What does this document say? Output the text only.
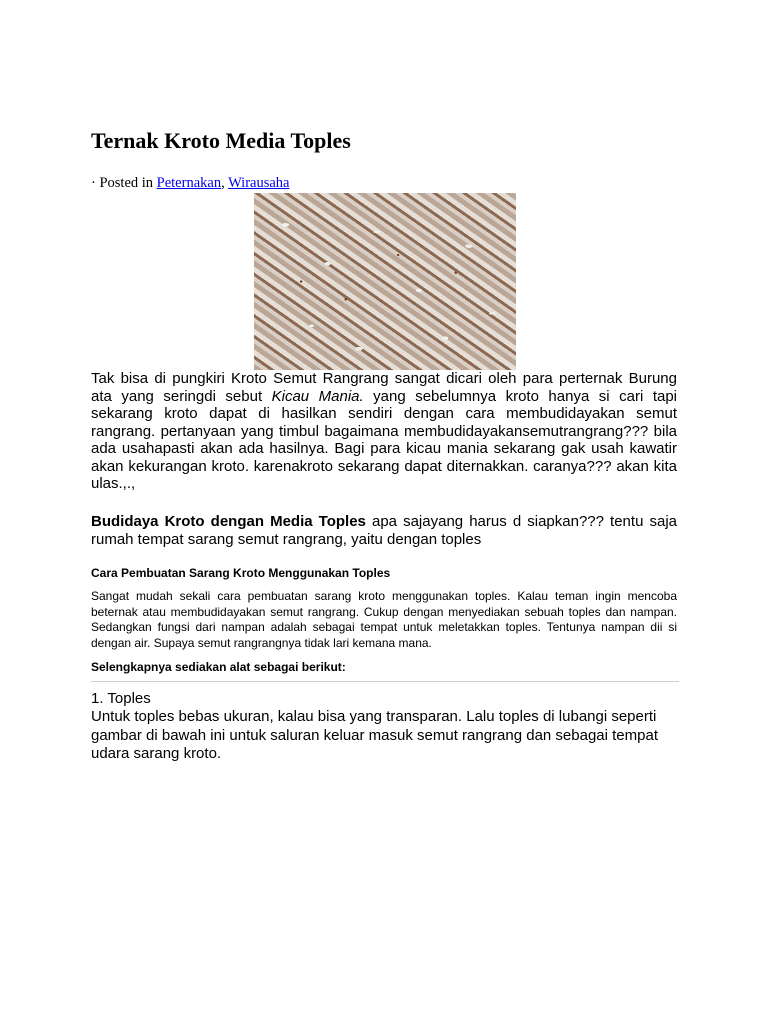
Ternak Kroto Media Toples
· Posted in Peternakan, Wirausaha
Tak bisa di pungkiri Kroto Semut Rangrang sangat dicari oleh para perternak Burung ata yang seringdi sebut Kicau Mania. yang sebelumnya kroto hanya si cari tapi sekarang kroto dapat di hasilkan sendiri dengan cara membudidayakan semut rangrang. pertanyaan yang timbul bagaimana membudidayakansemutrangrang??? bila ada usahapasti akan ada hasilnya. Bagi para kicau mania sekarang gak usah kawatir akan kekurangan kroto. karenakroto sekarang dapat diternakkan. caranya??? akan kita ulas.,.,
Budidaya Kroto dengan Media Toples apa sajayang harus d siapkan??? tentu saja rumah tempat sarang semut rangrang, yaitu dengan toples
Cara Pembuatan Sarang Kroto Menggunakan Toples
Sangat mudah sekali cara pembuatan sarang kroto menggunakan toples. Kalau teman ingin mencoba beternak atau membudidayakan semut rangrang. Cukup dengan menyediakan sebuah toples dan nampan. Sedangkan fungsi dari nampan adalah sebagai tempat untuk meletakkan toples. Tentunya nampan dii si dengan air. Supaya semut rangrangnya tidak lari kemana mana.
Selengkapnya sediakan alat sebagai berikut:
1. Toples
Untuk toples bebas ukuran, kalau bisa yang transparan. Lalu toples di lubangi seperti gambar di bawah ini untuk saluran keluar masuk semut rangrang dan sebagai tempat udara sarang kroto.
